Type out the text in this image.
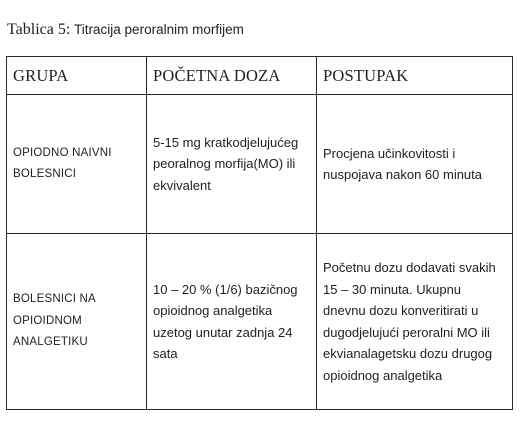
Tablica 5: Titracija peroralnim morfijem
GRUPA	POČETNA DOZA	POSTUPAK
OPIODNO NAIVNI BOLESNICI	5-15 mg kratkodjelujućeg peoralnog morfija(MO) ili ekvivalent	Procjena učinkovitosti i nuspojava nakon 60 minuta
BOLESNICI NA OPIOIDNOM ANALGETIKU	10 – 20 % (1/6) bazičnog opioidnog analgetika uzetog unutar zadnja 24 sata	Početnu dozu dodavati svakih 15 – 30 minuta. Ukupnu dnevnu dozu konveritirati u dugodjelujući peroralni MO ili ekvianalagetsku dozu drugog opioidnog analgetika
